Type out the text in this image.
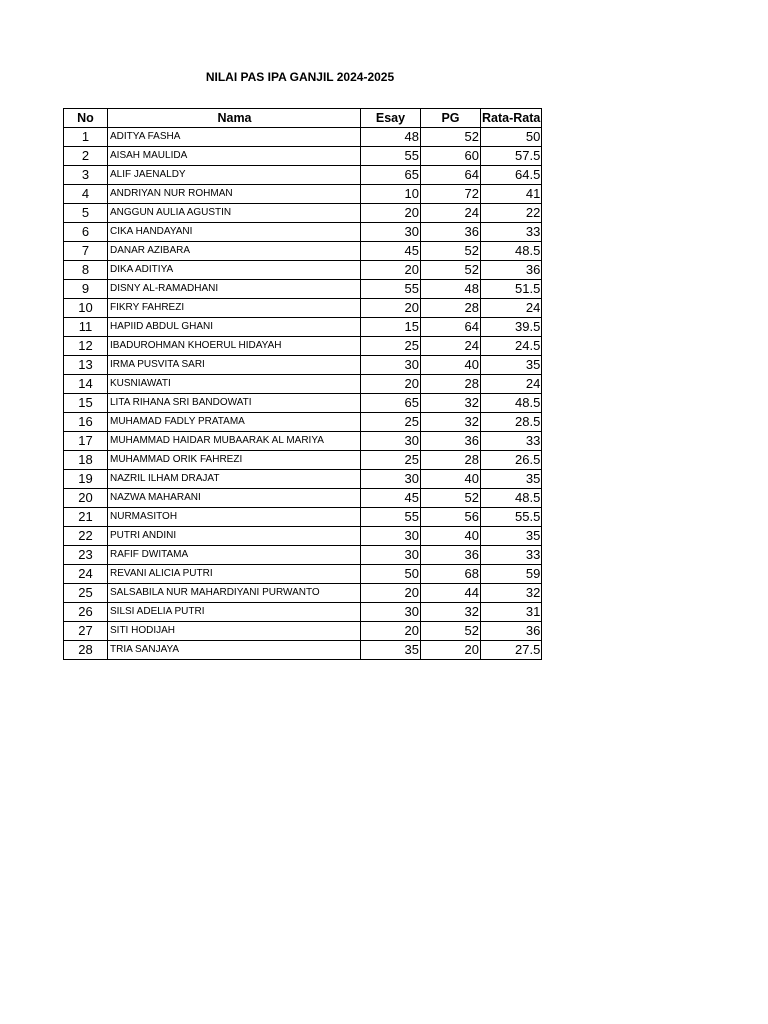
NILAI PAS IPA GANJIL 2024-2025
No	Nama	Esay	PG	Rata-Rata
1	ADITYA FASHA	48	52	50
2	AISAH MAULIDA	55	60	57.5
3	ALIF JAENALDY	65	64	64.5
4	ANDRIYAN NUR ROHMAN	10	72	41
5	ANGGUN AULIA AGUSTIN	20	24	22
6	CIKA HANDAYANI	30	36	33
7	DANAR AZIBARA	45	52	48.5
8	DIKA ADITIYA	20	52	36
9	DISNY AL-RAMADHANI	55	48	51.5
10	FIKRY FAHREZI	20	28	24
11	HAPIID ABDUL GHANI	15	64	39.5
12	IBADUROHMAN KHOERUL HIDAYAH	25	24	24.5
13	IRMA PUSVITA SARI	30	40	35
14	KUSNIAWATI	20	28	24
15	LITA RIHANA SRI BANDOWATI	65	32	48.5
16	MUHAMAD FADLY PRATAMA	25	32	28.5
17	MUHAMMAD HAIDAR MUBAARAK AL MARIYA	30	36	33
18	MUHAMMAD ORIK FAHREZI	25	28	26.5
19	NAZRIL ILHAM DRAJAT	30	40	35
20	NAZWA MAHARANI	45	52	48.5
21	NURMASITOH	55	56	55.5
22	PUTRI ANDINI	30	40	35
23	RAFIF DWITAMA	30	36	33
24	REVANI ALICIA PUTRI	50	68	59
25	SALSABILA NUR MAHARDIYANI PURWANTO	20	44	32
26	SILSI ADELIA PUTRI	30	32	31
27	SITI HODIJAH	20	52	36
28	TRIA SANJAYA	35	20	27.5
